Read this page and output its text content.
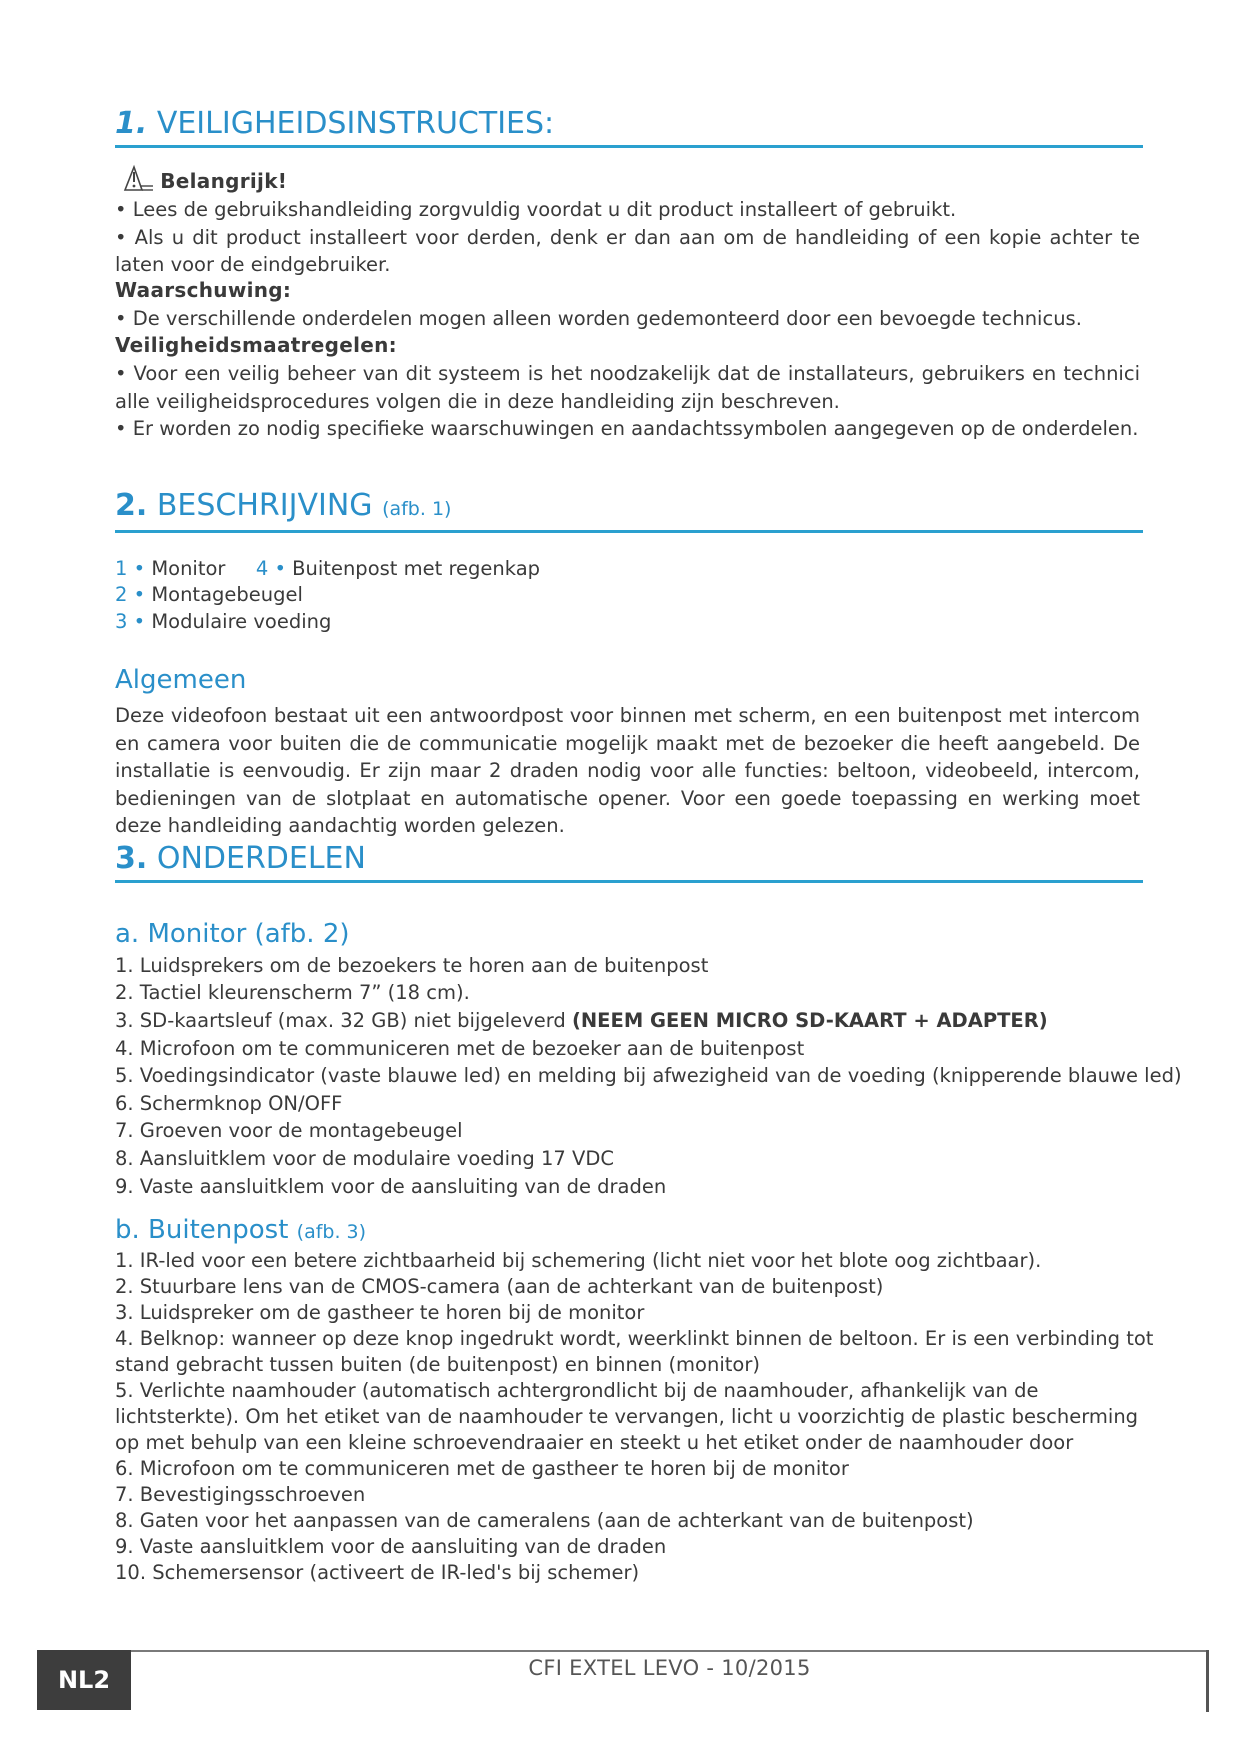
1. VEILIGHEIDSINSTRUCTIES:
Belangrijk!
• Lees de gebruikshandleiding zorgvuldig voordat u dit product installeert of gebruikt.
• Als u dit product installeert voor derden, denk er dan aan om de handleiding of een kopie achter te laten voor de eindgebruiker.
Waarschuwing:
• De verschillende onderdelen mogen alleen worden gedemonteerd door een bevoegde technicus.
Veiligheidsmaatregelen:
• Voor een veilig beheer van dit systeem is het noodzakelijk dat de installateurs, gebruikers en technici alle veiligheidsprocedures volgen die in deze handleiding zijn beschreven.
• Er worden zo nodig specifieke waarschuwingen en aandachtssymbolen aangegeven op de onderdelen.
2. BESCHRIJVING (afb. 1)
1 • Monitor 4 • Buitenpost met regenkap
2 • Montagebeugel
3 • Modulaire voeding
Algemeen
Deze videofoon bestaat uit een antwoordpost voor binnen met scherm, en een buitenpost met intercom en camera voor buiten die de communicatie mogelijk maakt met de bezoeker die heeft aangebeld. De installatie is eenvoudig. Er zijn maar 2 draden nodig voor alle functies: beltoon, videobeeld, intercom, bedieningen van de slotplaat en automatische opener. Voor een goede toepassing en werking moet deze handleiding aandachtig worden gelezen.
3. ONDERDELEN
a. Monitor (afb. 2)
1. Luidsprekers om de bezoekers te horen aan de buitenpost
2. Tactiel kleurenscherm 7” (18 cm).
3. SD-kaartsleuf (max. 32 GB) niet bijgeleverd (NEEM GEEN MICRO SD-KAART + ADAPTER)
4. Microfoon om te communiceren met de bezoeker aan de buitenpost
5. Voedingsindicator (vaste blauwe led) en melding bij afwezigheid van de voeding (knipperende blauwe led)
6. Schermknop ON/OFF
7. Groeven voor de montagebeugel
8. Aansluitklem voor de modulaire voeding 17 VDC
9. Vaste aansluitklem voor de aansluiting van de draden
b. Buitenpost (afb. 3)
1. IR-led voor een betere zichtbaarheid bij schemering (licht niet voor het blote oog zichtbaar).
2. Stuurbare lens van de CMOS-camera (aan de achterkant van de buitenpost)
3. Luidspreker om de gastheer te horen bij de monitor
4. Belknop: wanneer op deze knop ingedrukt wordt, weerklinkt binnen de beltoon. Er is een verbinding tot stand gebracht tussen buiten (de buitenpost) en binnen (monitor)
5. Verlichte naamhouder (automatisch achtergrondlicht bij de naamhouder, afhankelijk van de lichtsterkte). Om het etiket van de naamhouder te vervangen, licht u voorzichtig de plastic bescherming op met behulp van een kleine schroevendraaier en steekt u het etiket onder de naamhouder door
6. Microfoon om te communiceren met de gastheer te horen bij de monitor
7. Bevestigingsschroeven
8. Gaten voor het aanpassen van de cameralens (aan de achterkant van de buitenpost)
9. Vaste aansluitklem voor de aansluiting van de draden
10. Schemersensor (activeert de IR-led's bij schemer)
NL2	CFI EXTEL LEVO - 10/2015
